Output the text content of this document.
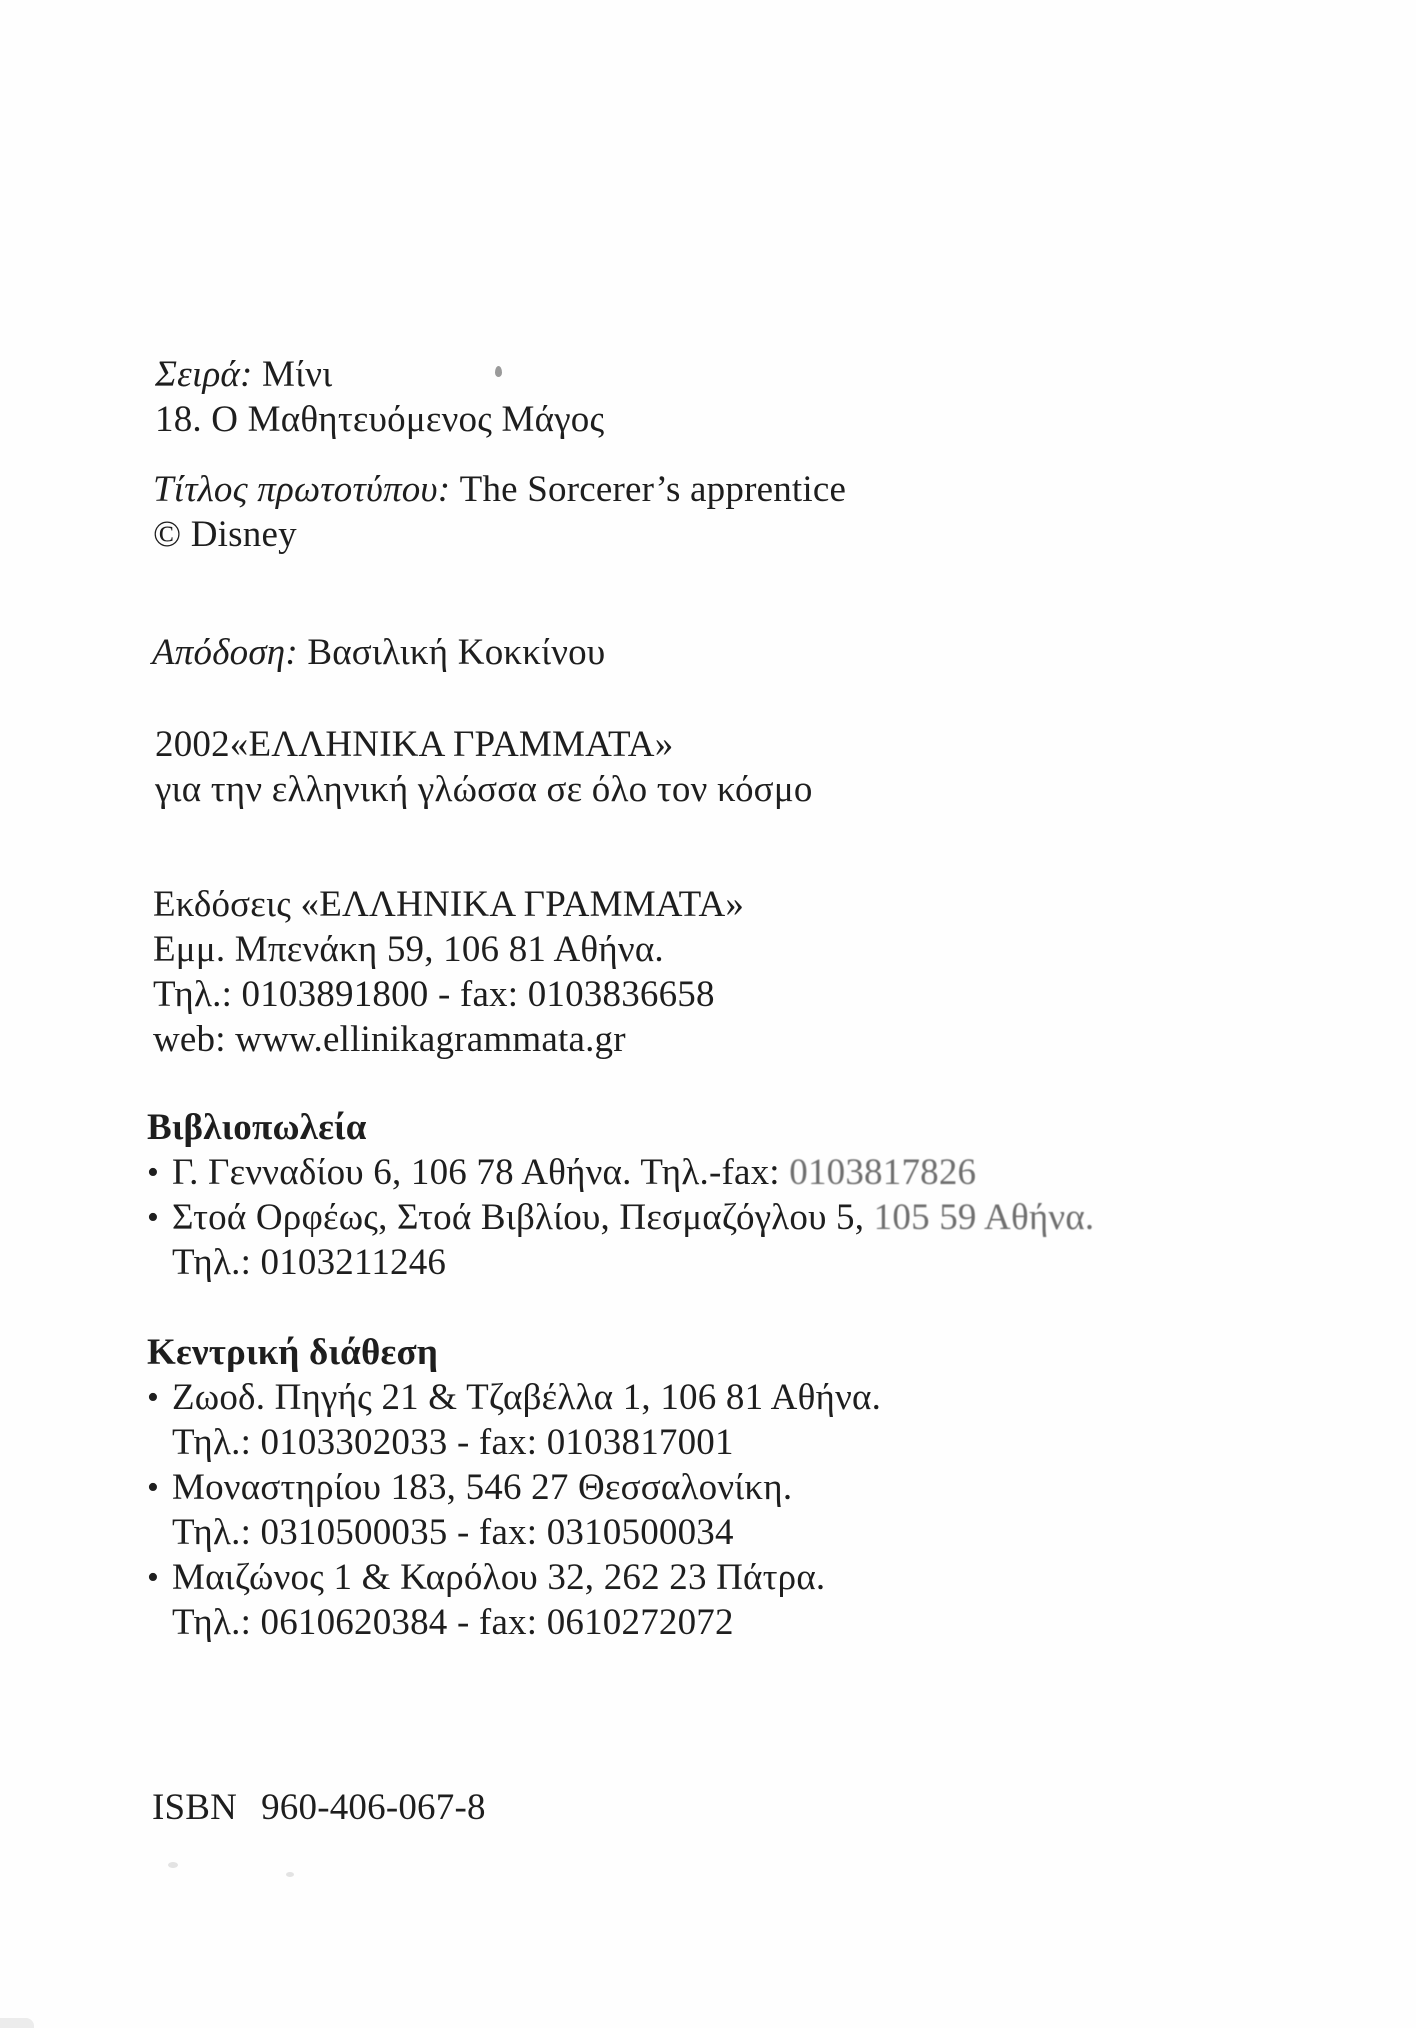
Σειρά: Μίνι
18. Ο Μαθητευόμενος Μάγος
Τίτλος πρωτοτύπου: The Sorcerer’s apprentice
© Disney
Απόδοση: Βασιλική Κοκκίνου
2002«ΕΛΛΗΝΙΚΑ ΓΡΑΜΜΑΤΑ»
για την ελληνική γλώσσα σε όλο τον κόσμο
Εκδόσεις «ΕΛΛΗΝΙΚΑ ΓΡΑΜΜΑΤΑ»
Εμμ. Μπενάκη 59, 106 81 Αθήνα.
Τηλ.: 0103891800 - fax: 0103836658
web: www.ellinikagrammata.gr
Βιβλιοπωλεία
• Γ. Γενναδίου 6, 106 78 Αθήνα. Τηλ.-fax: 0103817826
• Στοά Ορφέως, Στοά Βιβλίου, Πεσμαζόγλου 5, 105 59 Αθήνα.
Τηλ.: 0103211246
Κεντρική διάθεση
• Ζωοδ. Πηγής 21 & Τζαβέλλα 1, 106 81 Αθήνα.
Τηλ.: 0103302033 - fax: 0103817001
• Μοναστηρίου 183, 546 27 Θεσσαλονίκη.
Τηλ.: 0310500035 - fax: 0310500034
• Μαιζώνος 1 & Καρόλου 32, 262 23 Πάτρα.
Τηλ.: 0610620384 - fax: 0610272072
ISBN 960-406-067-8
